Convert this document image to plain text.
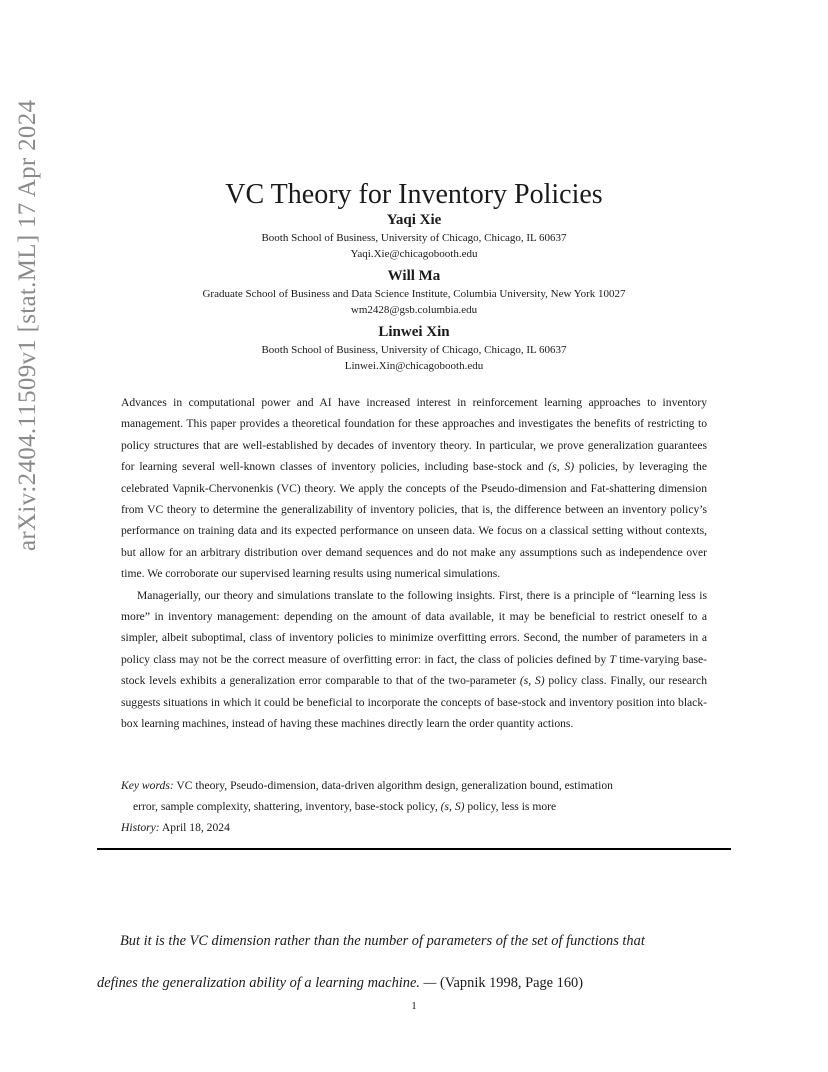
arXiv:2404.11509v1 [stat.ML] 17 Apr 2024	VC Theory for Inventory Policies
Yaqi Xie
Booth School of Business, University of Chicago, Chicago, IL 60637
Yaqi.Xie@chicagobooth.edu
Will Ma
Graduate School of Business and Data Science Institute, Columbia University, New York 10027
wm2428@gsb.columbia.edu
Linwei Xin
Booth School of Business, University of Chicago, Chicago, IL 60637
Linwei.Xin@chicagobooth.edu

Advances in computational power and AI have increased interest in reinforcement learning approaches to inventory management. This paper provides a theoretical foundation for these approaches and investigates the benefits of restricting to policy structures that are well-established by decades of inventory theory. In particular, we prove generalization guarantees for learning several well-known classes of inventory policies, including base-stock and (s, S) policies, by leveraging the celebrated Vapnik-Chervonenkis (VC) theory. We apply the concepts of the Pseudo-dimension and Fat-shattering dimension from VC theory to determine the generalizability of inventory policies, that is, the difference between an inventory policy’s performance on training data and its expected performance on unseen data. We focus on a classical setting without contexts, but allow for an arbitrary distribution over demand sequences and do not make any assumptions such as independence over time. We corroborate our supervised learning results using numerical simulations.

Managerially, our theory and simulations translate to the following insights. First, there is a principle of “learning less is more” in inventory management: depending on the amount of data available, it may be beneficial to restrict oneself to a simpler, albeit suboptimal, class of inventory policies to minimize overfitting errors. Second, the number of parameters in a policy class may not be the correct measure of overfitting error: in fact, the class of policies defined by T time-varying base-stock levels exhibits a generalization error comparable to that of the two-parameter (s, S) policy class. Finally, our research suggests situations in which it could be beneficial to incorporate the concepts of base-stock and inventory position into black-box learning machines, instead of having these machines directly learn the order quantity actions.

Key words: VC theory, Pseudo-dimension, data-driven algorithm design, generalization bound, estimation
error, sample complexity, shattering, inventory, base-stock policy, (s, S) policy, less is more
History: April 18, 2024
But it is the VC dimension rather than the number of parameters of the set of functions that
defines the generalization ability of a learning machine. — (Vapnik 1998, Page 160)
1
